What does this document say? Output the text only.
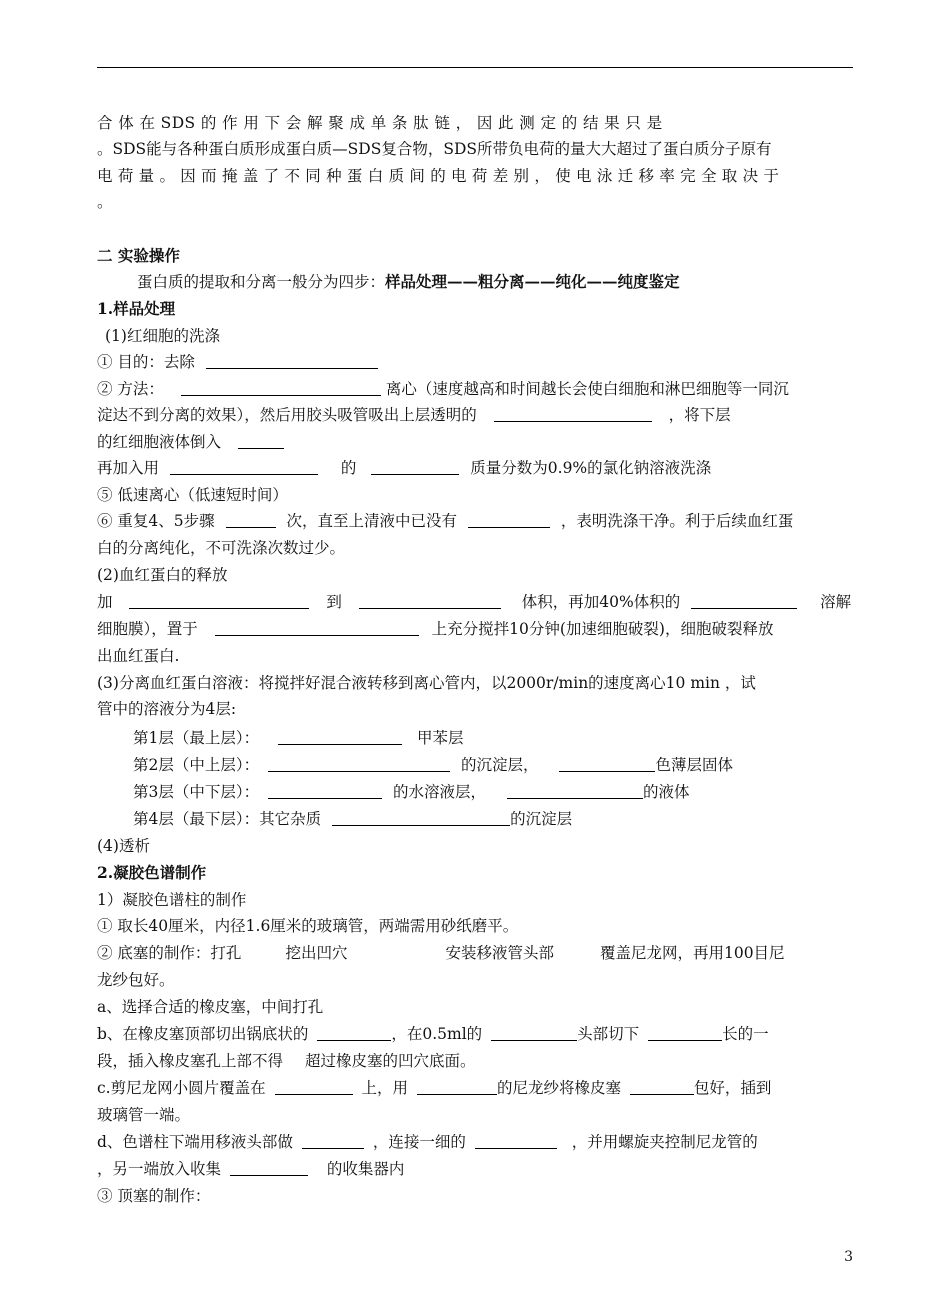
合 体 在 SDS 的 作 用 下 会 解 聚 成 单 条 肽 链 ， 因 此 测 定 的 结 果 只 是
。SDS能与各种蛋白质形成蛋白质—SDS复合物，SDS所带负电荷的量大大超过了蛋白质分子原有
电 荷 量 。 因 而 掩 盖 了 不 同 种 蛋 白 质 间 的 电 荷 差 别 ， 使 电 泳 迁 移 率 完 全 取 决 于
。
二 实验操作
蛋白质的提取和分离一般分为四步：样品处理——粗分离——纯化——纯度鉴定
1.样品处理
(1)红细胞的洗涤
① 目的：去除
② 方法：	离心（速度越高和时间越长会使白细胞和淋巴细胞等一同沉
淀达不到分离的效果），然后用胶头吸管吸出上层透明的	，将下层
的红细胞液体倒入
再加入用	的	质量分数为0.9%的氯化钠溶液洗涤
⑤ 低速离心（低速短时间）
⑥ 重复4、5步骤	次，直至上清液中已没有	，表明洗涤干净。利于后续血红蛋
白的分离纯化，不可洗涤次数过少。
(2)血红蛋白的释放
加	到	体积，再加40%体积的	溶解
细胞膜），置于	上充分搅拌10分钟(加速细胞破裂)，细胞破裂释放
出血红蛋白.
(3)分离血红蛋白溶液：将搅拌好混合液转移到离心管内，以2000r/min的速度离心10 min ，试
管中的溶液分为4层:
第1层（最上层）：	甲苯层
第2层（中上层）：	的沉淀层，	色薄层固体
第3层（中下层）：	的水溶液层，	的液体
第4层（最下层）：其它杂质	的沉淀层
(4)透析
2.凝胶色谱制作
1）凝胶色谱柱的制作
① 取长40厘米，内径1.6厘米的玻璃管，两端需用砂纸磨平。
② 底塞的制作：打孔	挖出凹穴	安装移液管头部	覆盖尼龙网，再用100目尼
龙纱包好。
a、选择合适的橡皮塞，中间打孔
b、在橡皮塞顶部切出锅底状的	，在0.5ml的	头部切下	长的一
段，插入橡皮塞孔上部不得 超过橡皮塞的凹穴底面。
c.剪尼龙网小圆片覆盖在	上，用	的尼龙纱将橡皮塞	包好，插到
玻璃管一端。
d、色谱柱下端用移液头部做	，连接一细的	，并用螺旋夹控制尼龙管的
，另一端放入收集	的收集器内
③ 顶塞的制作：
3
